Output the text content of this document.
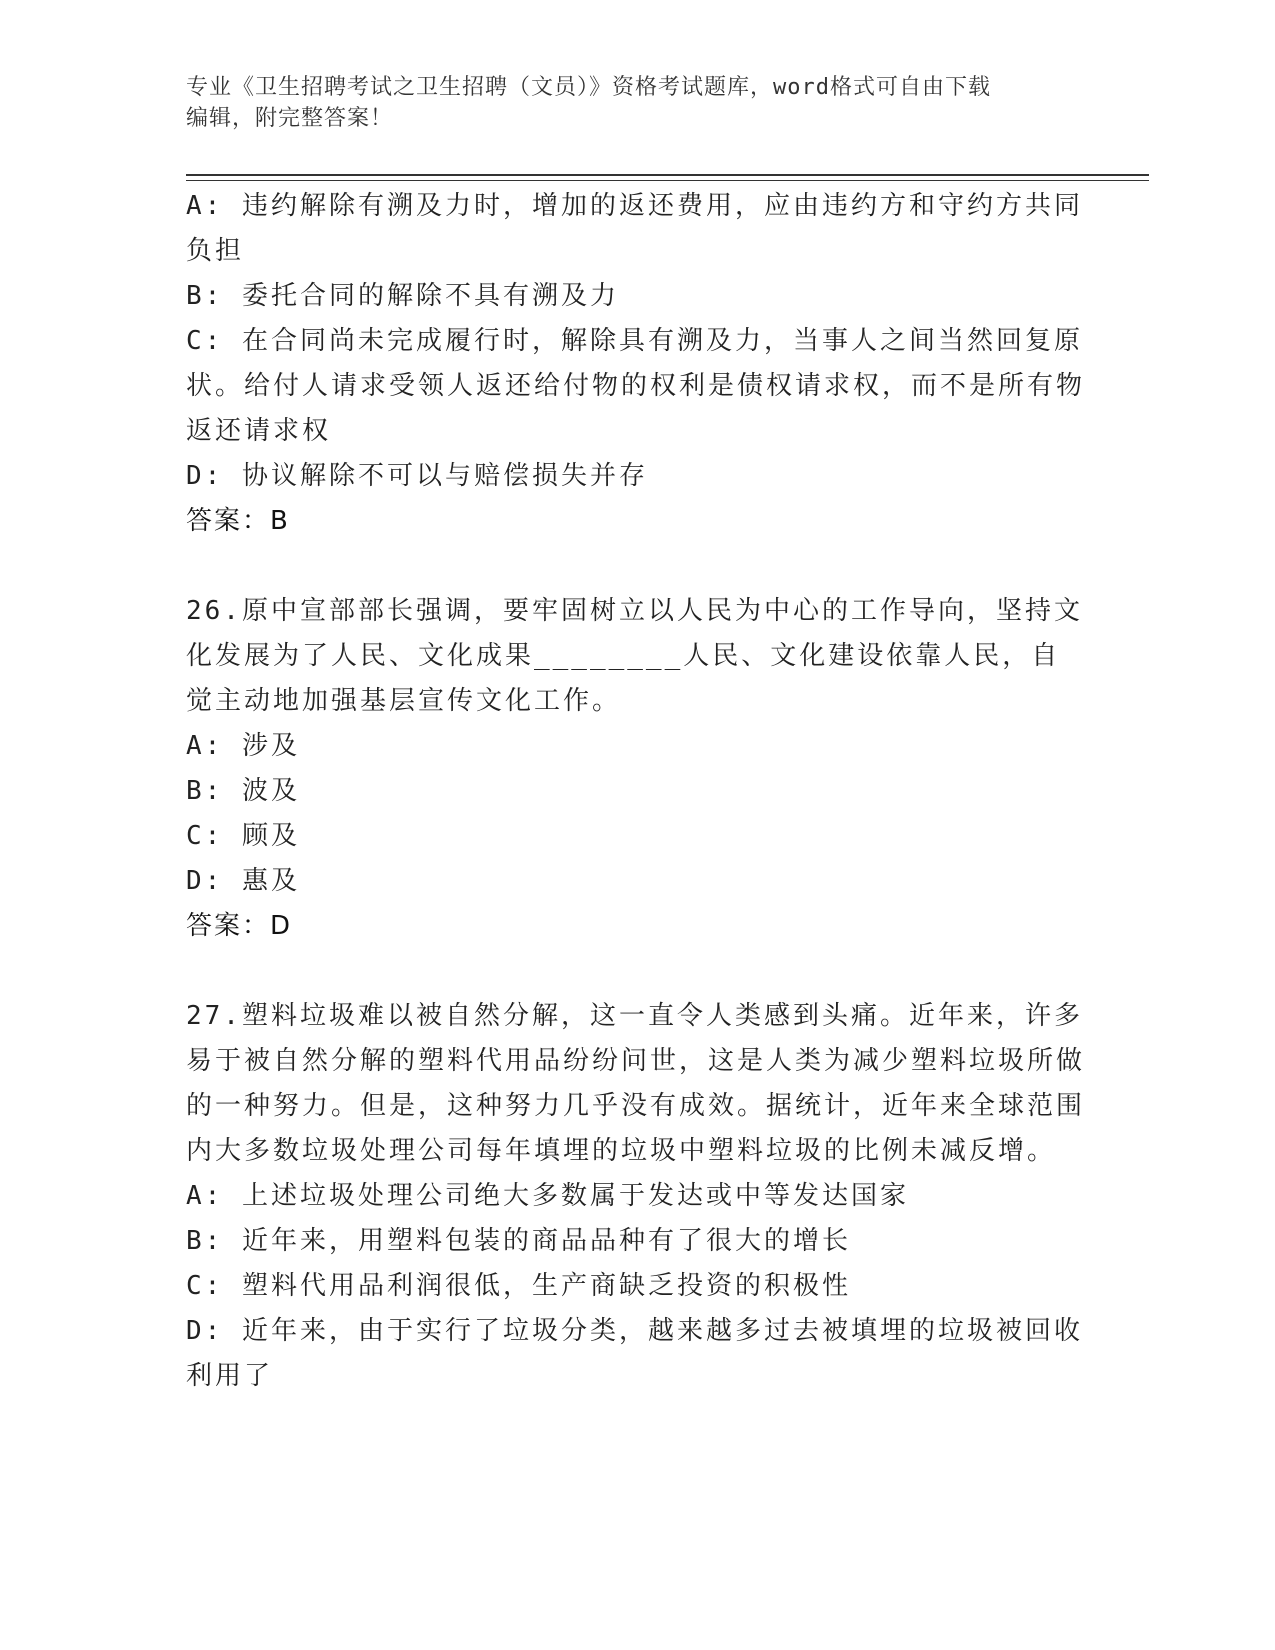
专业《卫生招聘考试之卫生招聘（文员）》资格考试题库，word格式可自由下载
编辑，附完整答案！

A: 违约解除有溯及力时，增加的返还费用，应由违约方和守约方共同负担

B: 委托合同的解除不具有溯及力

C: 在合同尚未完成履行时，解除具有溯及力，当事人之间当然回复原状。给付人请求受领人返还给付物的权利是债权请求权，而不是所有物返还请求权

D: 协议解除不可以与赔偿损失并存

答案：B

26.原中宣部部长强调，要牢固树立以人民为中心的工作导向，坚持文化发展为了人民、文化成果________人民、文化建设依靠人民，自觉主动地加强基层宣传文化工作。

A: 涉及

B: 波及

C: 顾及

D: 惠及

答案：D

27.塑料垃圾难以被自然分解，这一直令人类感到头痛。近年来，许多易于被自然分解的塑料代用品纷纷问世，这是人类为减少塑料垃圾所做的一种努力。但是，这种努力几乎没有成效。据统计，近年来全球范围内大多数垃圾处理公司每年填埋的垃圾中塑料垃圾的比例未减反增。

A: 上述垃圾处理公司绝大多数属于发达或中等发达国家

B: 近年来，用塑料包装的商品品种有了很大的增长

C: 塑料代用品利润很低，生产商缺乏投资的积极性

D: 近年来，由于实行了垃圾分类，越来越多过去被填埋的垃圾被回收利用了
